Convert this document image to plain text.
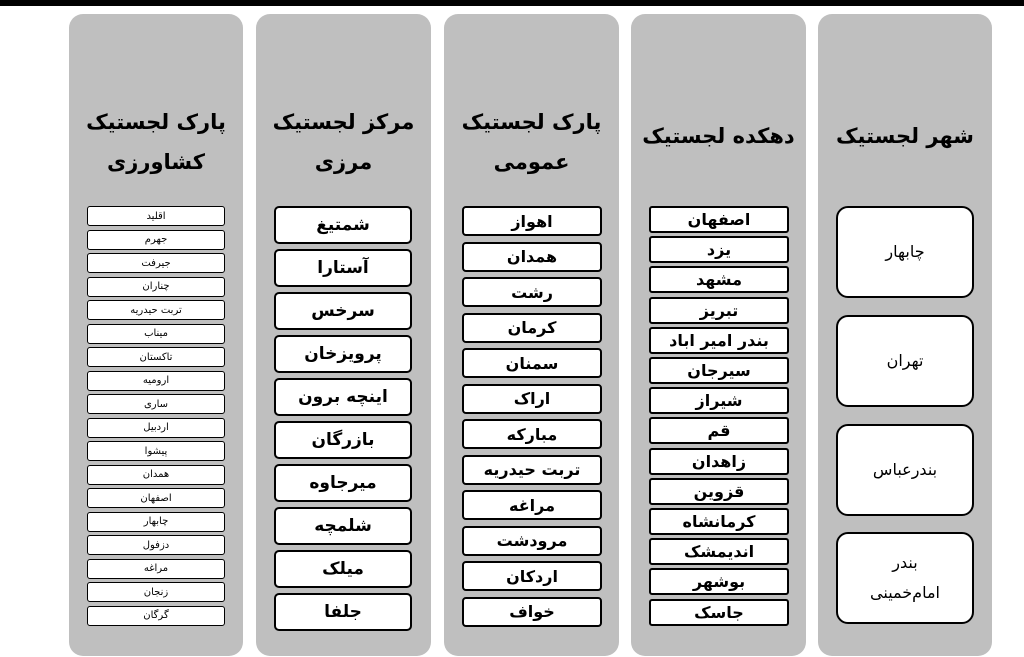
پارک لجستیک کشاورزی
اقلید
جهرم
جیرفت
چناران
تربت حیدریه
میناب
تاکستان
ارومیه
ساری
اردبیل
پیشوا
همدان
اصفهان
چابهار
دزفول
مراغه
زنجان
گرگان
مرکز لجستیک مرزی
شمتیغ
آستارا
سرخس
پرویزخان
اینچه برون
بازرگان
میرجاوه
شلمچه
میلک
جلفا
پارک لجستیک عمومی
اهواز
همدان
رشت
کرمان
سمنان
اراک
مبارکه
تربت حیدریه
مراغه
مرودشت
اردکان
خواف
دهکده لجستیک
اصفهان
یزد
مشهد
تبریز
بندر امیر اباد
سیرجان
شیراز
قم
زاهدان
قزوین
کرمانشاه
اندیمشک
بوشهر
جاسک
شهر لجستیک
چابهار
تهران
بندرعباس
بندر امام‌خمینی
